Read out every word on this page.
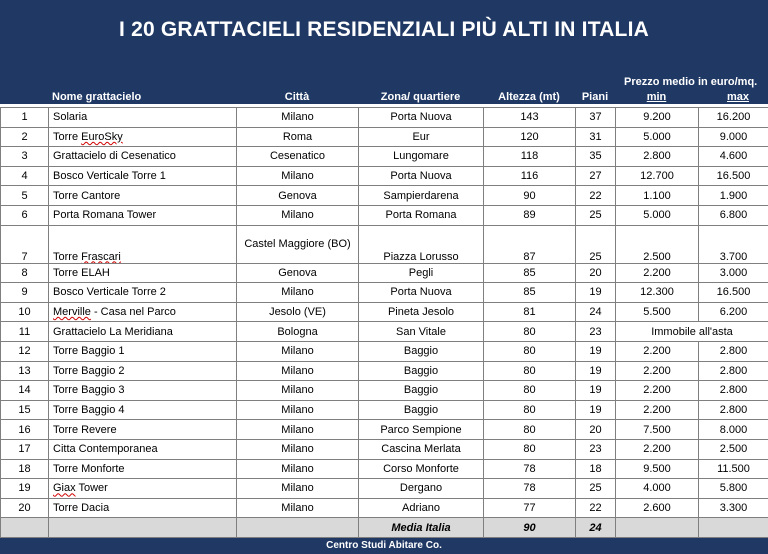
I 20 GRATTACIELI RESIDENZIALI PIÙ ALTI IN ITALIA
Nome grattacielo	Città	Zona/ quartiere	Altezza (mt)	Piani
Prezzo medio in euro/mq.
min	max
1	Solaria	Milano	Porta Nuova	143	37	9.200	16.200
2	Torre EuroSky	Roma	Eur	120	31	5.000	9.000
3	Grattacielo di Cesenatico	Cesenatico	Lungomare	118	35	2.800	4.600
4	Bosco Verticale Torre 1	Milano	Porta Nuova	116	27	12.700	16.500
5	Torre Cantore	Genova	Sampierdarena	90	22	1.100	1.900
6	Porta Romana Tower	Milano	Porta Romana	89	25	5.000	6.800
7	Torre Frascari	Castel Maggiore (BO)	Piazza Lorusso	87	25	2.500	3.700
8	Torre ELAH	Genova	Pegli	85	20	2.200	3.000
9	Bosco Verticale Torre 2	Milano	Porta Nuova	85	19	12.300	16.500
10	Merville - Casa nel Parco	Jesolo (VE)	Pineta Jesolo	81	24	5.500	6.200
11	Grattacielo La Meridiana	Bologna	San Vitale	80	23	Immobile all'asta	
12	Torre Baggio 1	Milano	Baggio	80	19	2.200	2.800
13	Torre Baggio 2	Milano	Baggio	80	19	2.200	2.800
14	Torre Baggio 3	Milano	Baggio	80	19	2.200	2.800
15	Torre Baggio 4	Milano	Baggio	80	19	2.200	2.800
16	Torre Revere	Milano	Parco Sempione	80	20	7.500	8.000
17	Citta Contemporanea	Milano	Cascina Merlata	80	23	2.200	2.500
18	Torre Monforte	Milano	Corso Monforte	78	18	9.500	11.500
19	Giax Tower	Milano	Dergano	78	25	4.000	5.800
20	Torre Dacia	Milano	Adriano	77	22	2.600	3.300
			Media Italia	90	24		
Centro Studi Abitare Co.
